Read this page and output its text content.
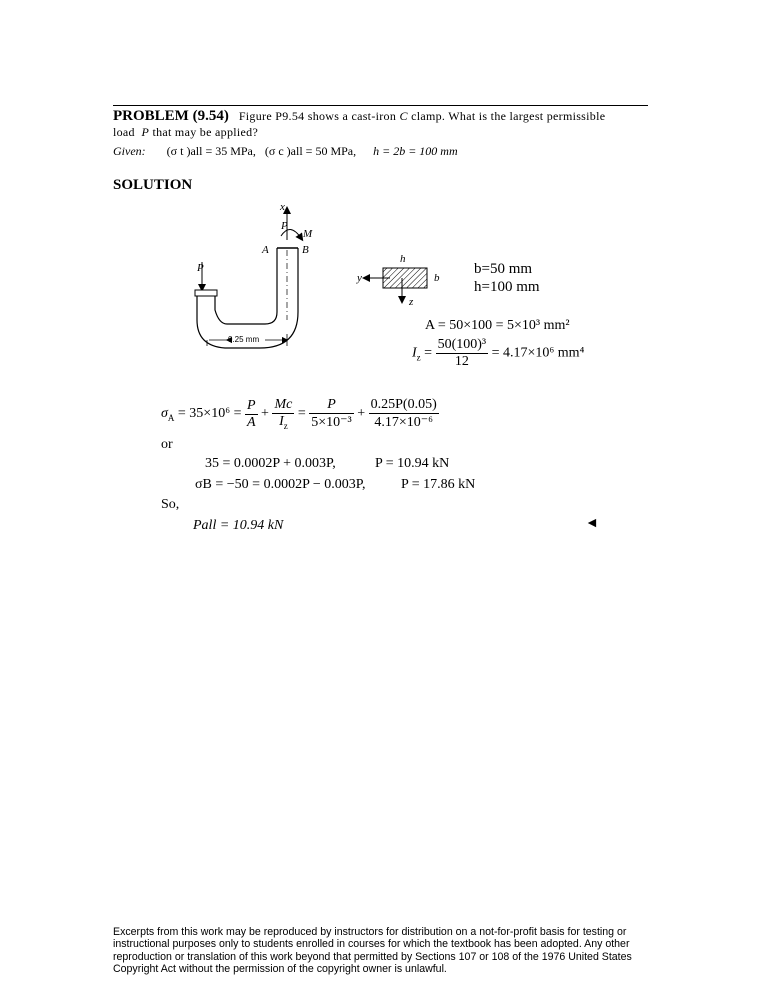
PROBLEM (9.54) Figure P9.54 shows a cast-iron C clamp. What is the largest permissible
load P that may be applied?
Given: (σ t )all = 35 MPa, (σ c )all = 50 MPa, h = 2b = 100 mm
SOLUTION
x
P
M
A	B
P
0.25 mm
h
y	b
z
b=50 mm
h=100 mm
A = 50×100 = 5×10³ mm²
$I_z = \frac{\text{50(100)³}}{12} = 4.17\times 10^6$ mm⁴
$\sigma_A = 35\times 10^6 = \frac{P}{A} + \frac{Mc}{I_z} = \frac{P}{\text{5×10⁻³}} + \frac{0.25P(0.05)}{\text{4.17×10⁻⁶}}$
or
35 = 0.0002P + 0.003P,	P = 10.94 kN
σB = −50 = 0.0002P − 0.003P,	P = 17.86 kN
So,
Pall = 10.94 kN	◄
Excerpts from this work may be reproduced by instructors for distribution on a not-for-profit basis for testing or instructional purposes only to students enrolled in courses for which the textbook has been adopted. Any other reproduction or translation of this work beyond that permitted by Sections 107 or 108 of the 1976 United States Copyright Act without the permission of the copyright owner is unlawful.
